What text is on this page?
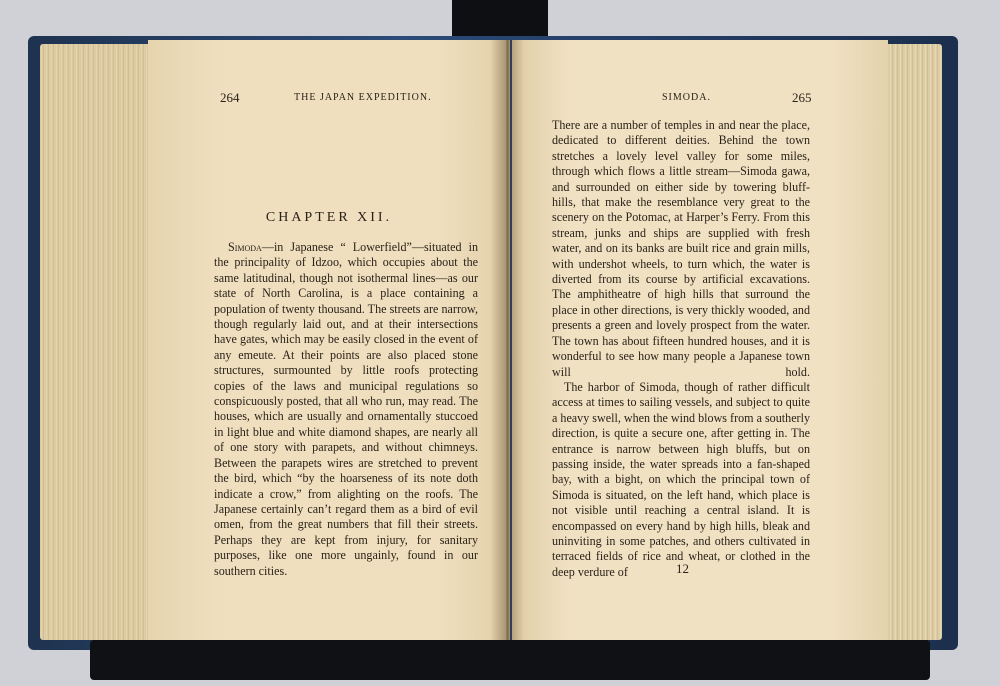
264	THE JAPAN EXPEDITION.
CHAPTER XII.

Simoda—in Japanese “ Lowerfield”—situated in the principality of Idzoo, which occupies about the same latitudinal, though not isothermal lines—as our state of North Carolina, is a place containing a population of twenty thousand. The streets are narrow, though regularly laid out, and at their intersections have gates, which may be easily closed in the event of any emeute. At their points are also placed stone structures, surmounted by little roofs protecting copies of the laws and municipal regulations so conspicuously posted, that all who run, may read. The houses, which are usually and ornamentally stuccoed in light blue and white diamond shapes, are nearly all of one story with parapets, and without chimneys. Between the parapets wires are stretched to prevent the bird, which “by the hoarseness of its note doth indicate a crow,” from alighting on the roofs. The Japanese certainly can’t regard them as a bird of evil omen, from the great numbers that fill their streets. Perhaps they are kept from injury, for sanitary purposes, like one more ungainly, found in our southern cities.

SIMODA.	265

There are a number of temples in and near the place, dedicated to different deities. Behind the town stretches a lovely level valley for some miles, through which flows a little stream—Simoda gawa, and surrounded on either side by towering bluff-hills, that make the resemblance very great to the scenery on the Potomac, at Harper’s Ferry. From this stream, junks and ships are supplied with fresh water, and on its banks are built rice and grain mills, with undershot wheels, to turn which, the water is diverted from its course by artificial excavations. The amphitheatre of high hills that surround the place in other directions, is very thickly wooded, and presents a green and lovely prospect from the water. The town has about fifteen hundred houses, and it is wonderful to see how many people a Japanese town will hold.

The harbor of Simoda, though of rather difficult access at times to sailing vessels, and subject to quite a heavy swell, when the wind blows from a southerly direction, is quite a secure one, after getting in. The entrance is narrow between high bluffs, but on passing inside, the water spreads into a fan-shaped bay, with a bight, on which the principal town of Simoda is situated, on the left hand, which place is not visible until reaching a central island. It is encompassed on every hand by high hills, bleak and uninviting in some patches, and others cultivated in terraced fields of rice and wheat, or clothed in the deep verdure of	12
